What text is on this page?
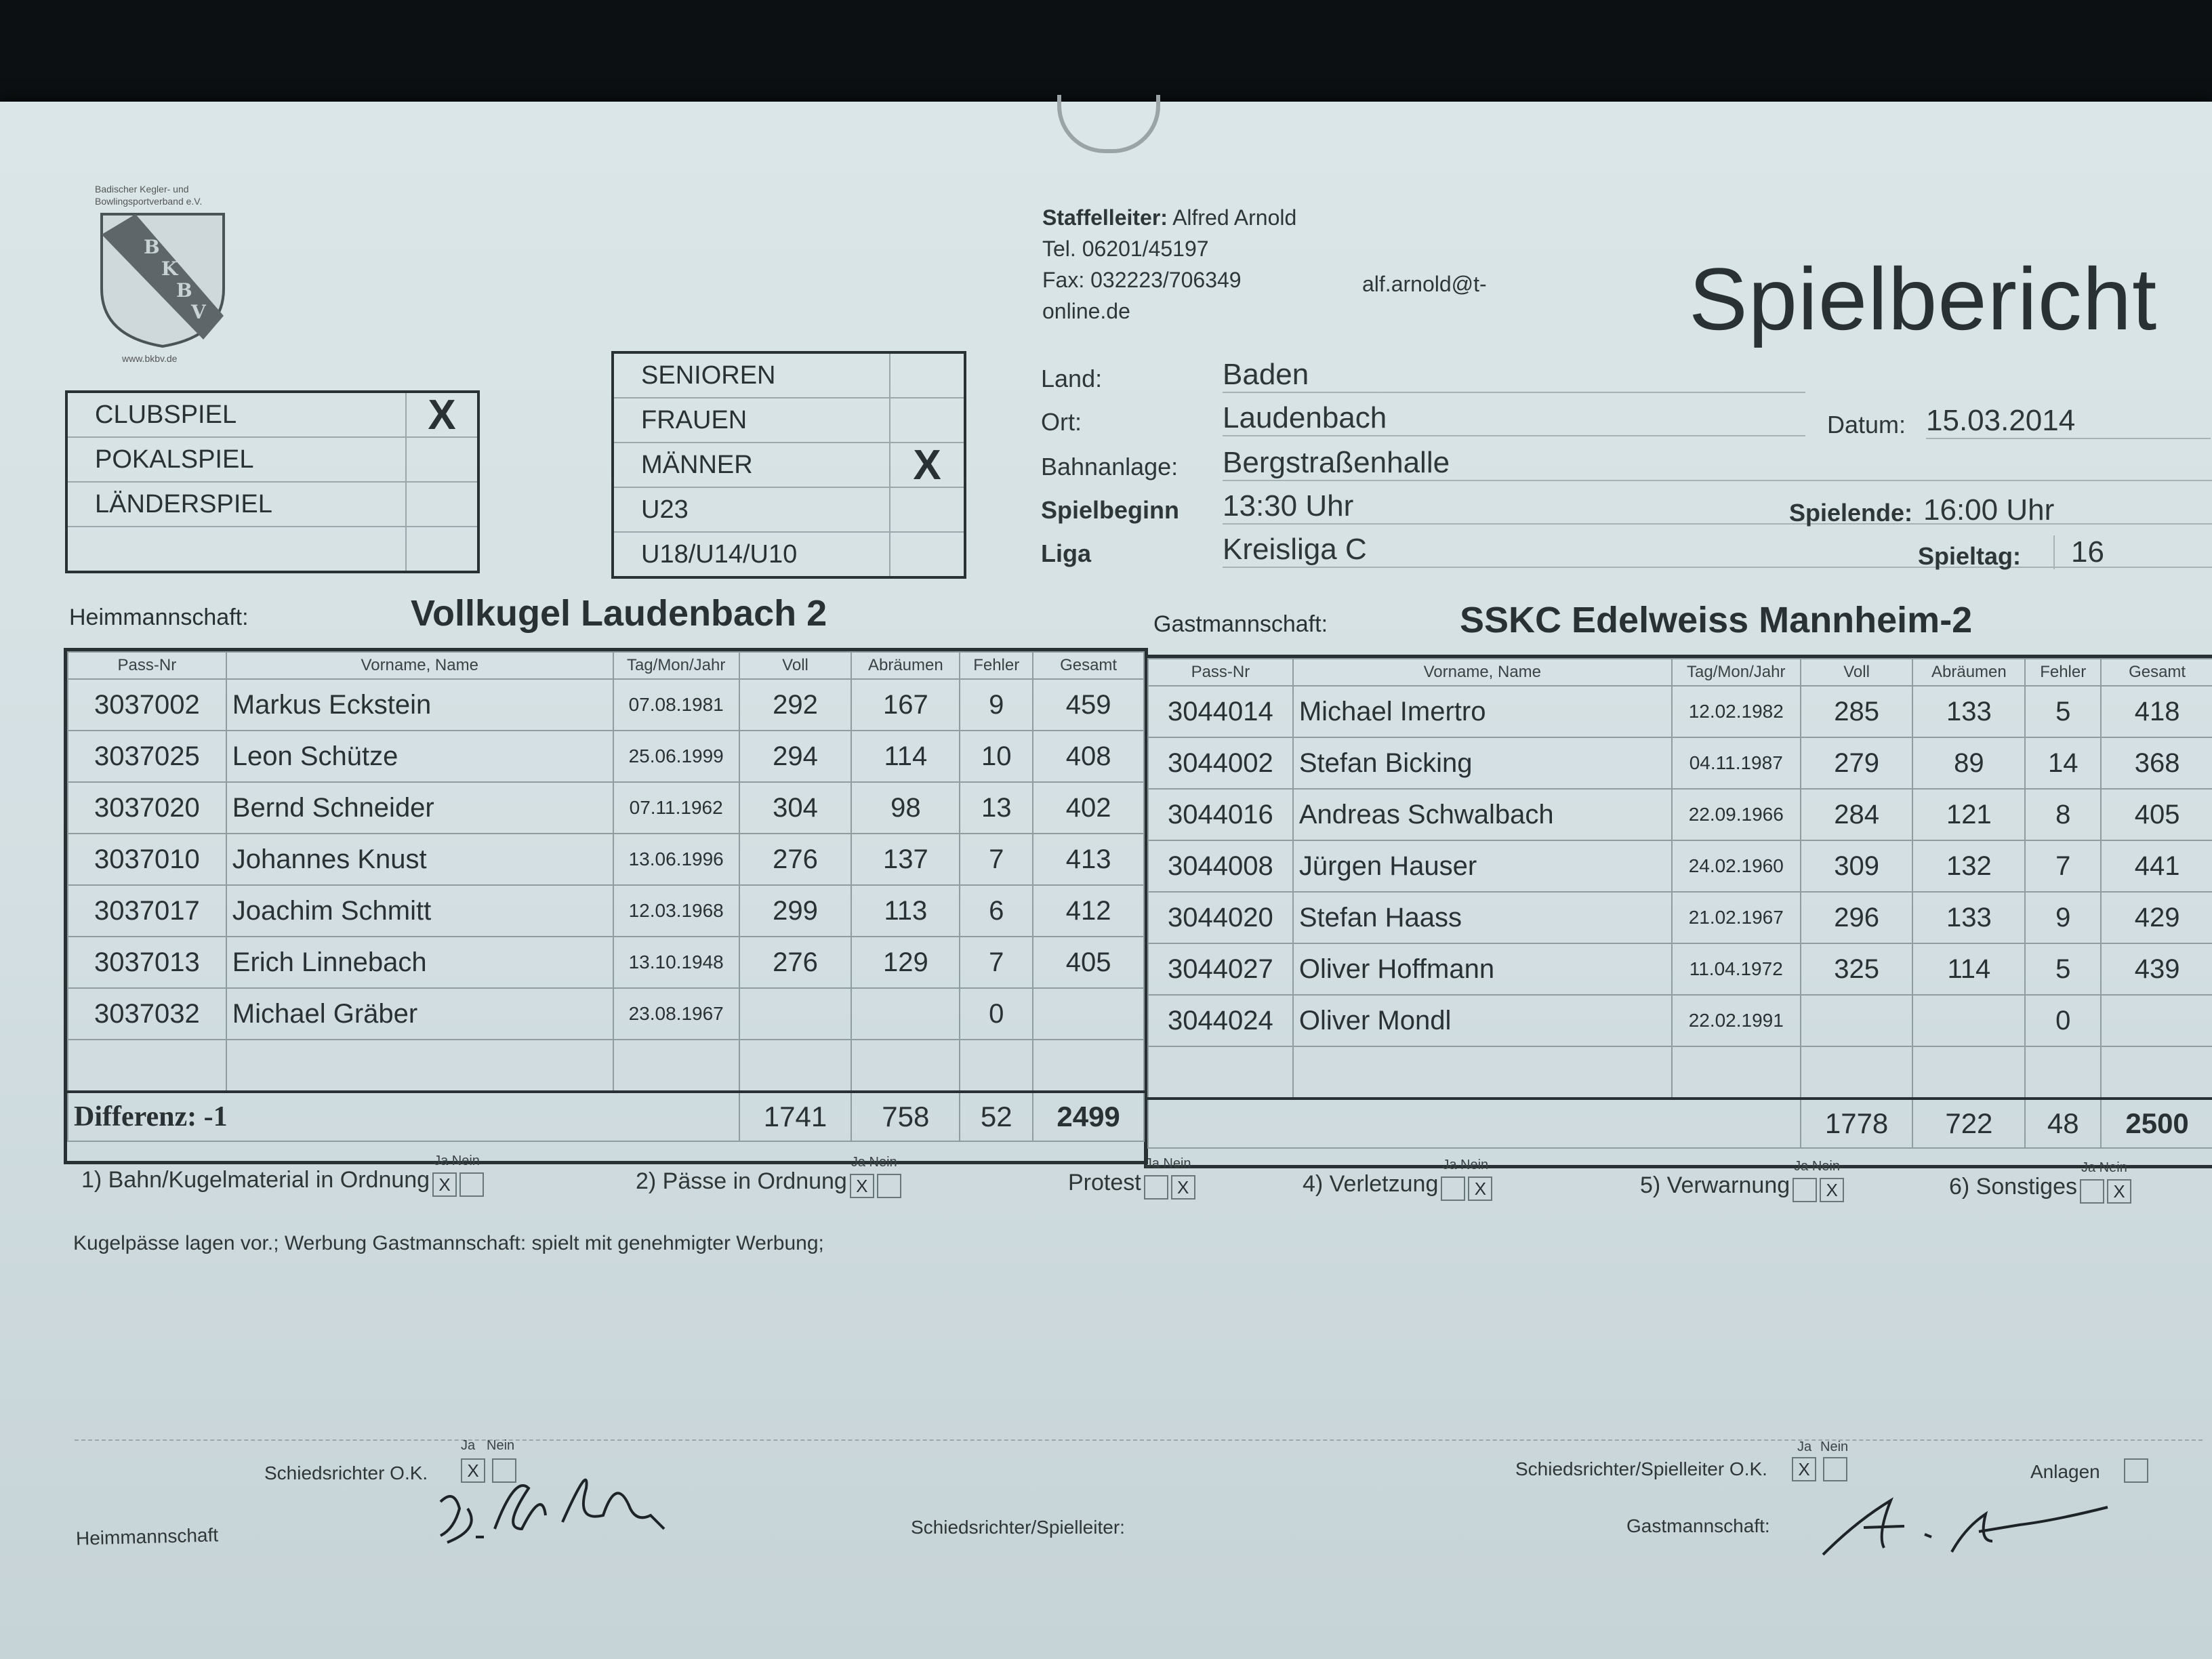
Badischer Kegler- und
Bowlingsportverband e.V.
B
K
B
V
www.bkbv.de
CLUBSPIEL	X
POKALSPIEL
LÄNDERSPIEL
SENIOREN
FRAUEN
MÄNNER	X
U23
U18/U14/U10
Staffelleiter: Alfred Arnold
Tel. 06201/45197
Fax: 032223/706349
online.de
alf.arnold@t- Spielbericht
Land:	Baden
Ort:	Laudenbach	Datum: 15.03.2014
Bahnanlage: Bergstraßenhalle
Spielbeginn 13:30 Uhr	Spielende: 16:00 Uhr
Liga	Kreisliga C	Spieltag:	16
Heimmannschaft:	Vollkugel Laudenbach 2	Gastmannschaft:	SSKC Edelweiss Mannheim-2
Pass-Nr	Vorname, Name	Tag/Mon/Jahr	Voll	Abräumen	Fehler	Gesamt
3037002	Markus Eckstein	07.08.1981	292	167	9	459
3037025	Leon Schütze	25.06.1999	294	114	10	408
3037020	Bernd Schneider	07.11.1962	304	98	13	402
3037010	Johannes Knust	13.06.1996	276	137	7	413
3037017	Joachim Schmitt	12.03.1968	299	113	6	412
3037013	Erich Linnebach	13.10.1948	276	129	7	405
3037032	Michael Gräber	23.08.1967			0	

Differenz: -1			1741	758	52	2499
Pass-Nr	Vorname, Name	Tag/Mon/Jahr	Voll	Abräumen	Fehler	Gesamt
3044014	Michael Imertro	12.02.1982	285	133	5	418
3044002	Stefan Bicking	04.11.1987	279	89	14	368
3044016	Andreas Schwalbach	22.09.1966	284	121	8	405
3044008	Jürgen Hauser	24.02.1960	309	132	7	441
3044020	Stefan Haass	21.02.1967	296	133	9	429
3044027	Oliver Hoffmann	11.04.1972	325	114	5	439
3044024	Oliver Mondl	22.02.1991			0	

			1778	722	48	2500
1) Bahn/Kugelmaterial in Ordnung
Ja Nein
X	2) Pässe in Ordnung
Ja Nein
X	Protest
Ja Nein
X	4) Verletzung
Ja Nein
X	5) Verwarnung
Ja Nein
X	6) Sonstiges
Ja Nein
X
Kugelpässe lagen vor.; Werbung Gastmannschaft: spielt mit genehmigter Werbung;
Schiedsrichter O.K.
Ja Nein
X	Schiedsrichter/Spielleiter O.K.
Ja Nein
X	Anlagen
Heimmannschaft	Schiedsrichter/Spielleiter:	Gastmannschaft:
